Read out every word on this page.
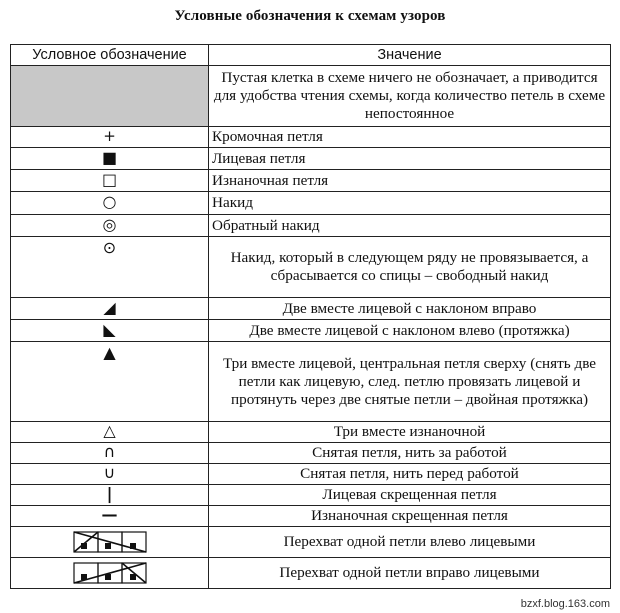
Условные обозначения к схемам узоров
Условное обозначение	Значение
	Пустая клетка в схеме ничего не обозначает, а приводится для удобства чтения схемы, когда количество петель в схеме непостоянное
+	Кромочная петля
■	Лицевая петля
□	Изнаночная петля
○	Накид
◎	Обратный накид
⊙	Накид, который в следующем ряду не провязывается, а сбрасывается со спицы – свободный накид
◢	Две вместе лицевой с наклоном вправо
◣	Две вместе лицевой с наклоном влево (протяжка)
▲	Три вместе лицевой, центральная петля сверху (снять две петли как лицевую, след. петлю провязать лицевой и протянуть через две снятые петли – двойная протяжка)
△	Три вместе изнаночной
∩	Снятая петля, нить за работой
∪	Снятая петля, нить перед работой
|	Лицевая скрещенная петля
—	Изнаночная скрещенная петля

	Перехват одной петли влево лицевыми

	Перехват одной петли вправо лицевыми
bzxf.blog.163.com
